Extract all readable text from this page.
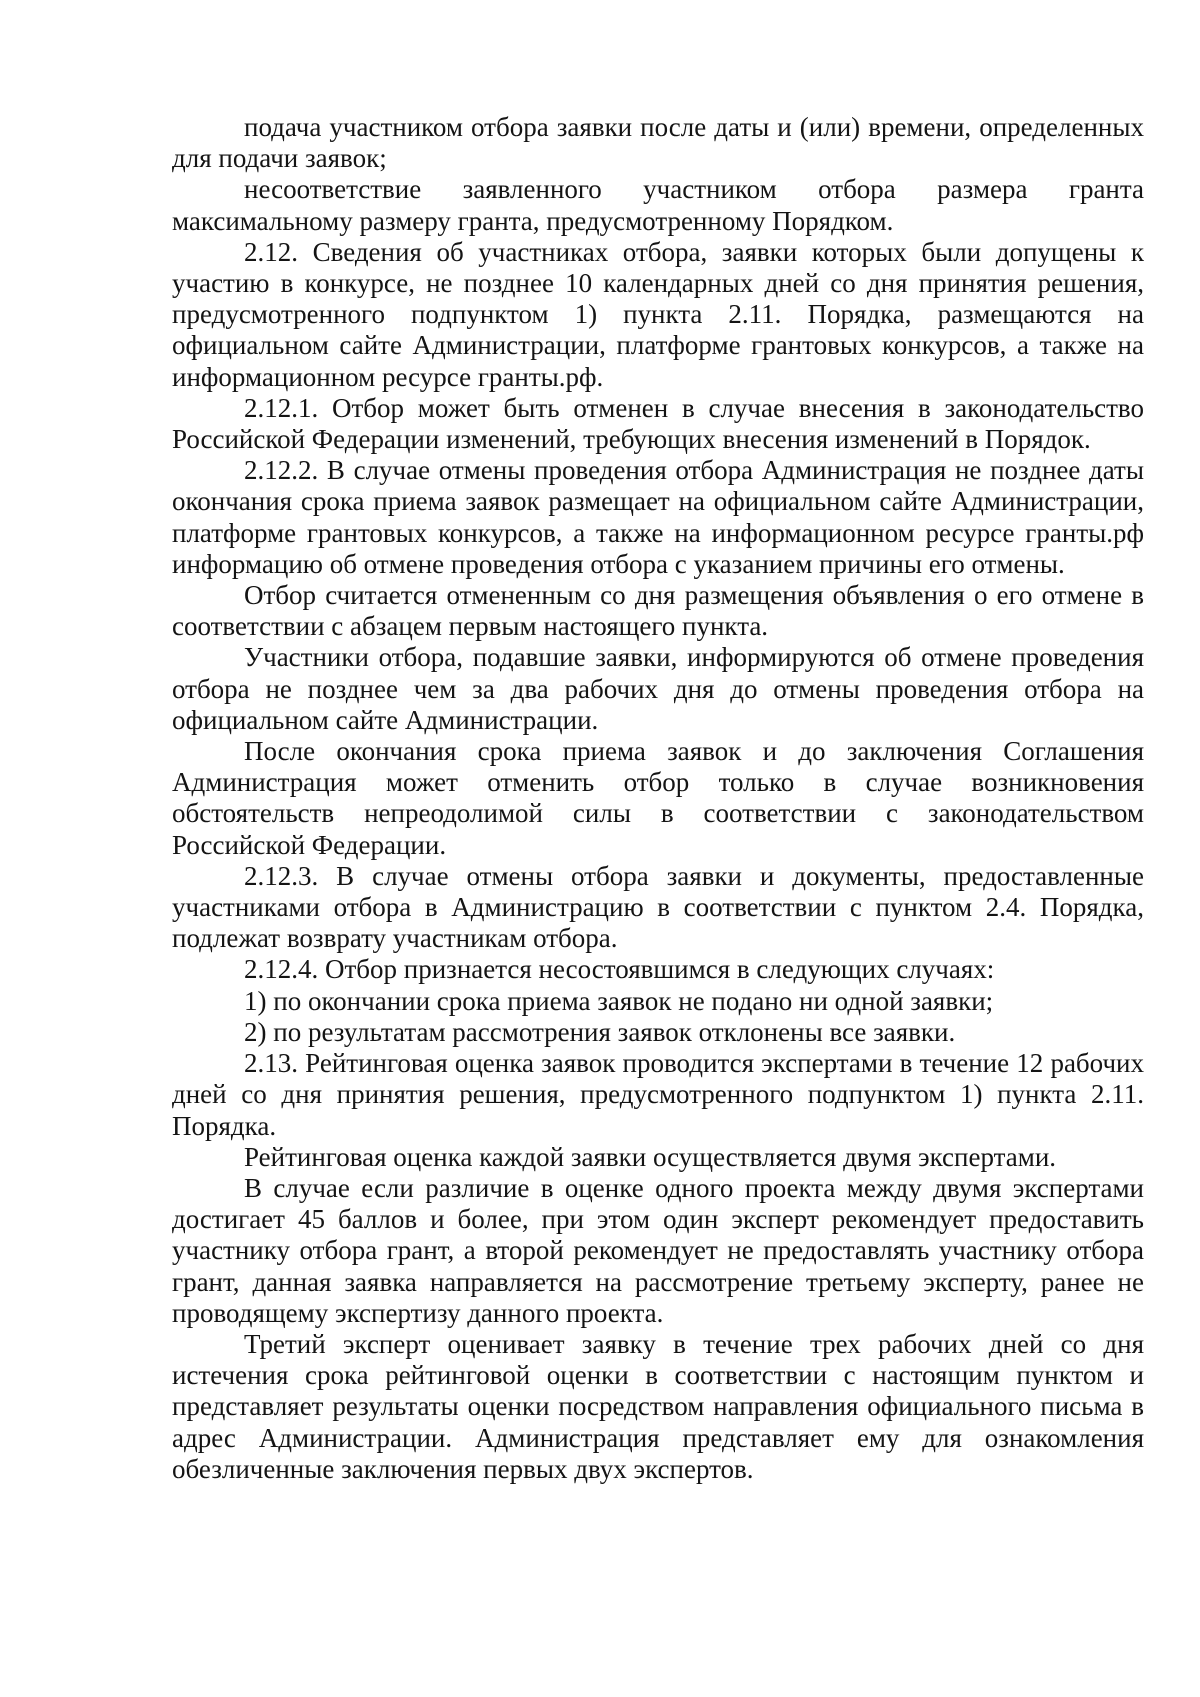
подача участником отбора заявки после даты и (или) времени, определенных для подачи заявок;

несоответствие заявленного участником отбора размера гранта максимальному размеру гранта, предусмотренному Порядком.

2.12. Сведения об участниках отбора, заявки которых были допущены к участию в конкурсе, не позднее 10 календарных дней со дня принятия решения, предусмотренного подпунктом 1) пункта 2.11. Порядка, размещаются на официальном сайте Администрации, платформе грантовых конкурсов, а также на информационном ресурсе гранты.рф.

2.12.1. Отбор может быть отменен в случае внесения в законодательство Российской Федерации изменений, требующих внесения изменений в Порядок.

2.12.2. В случае отмены проведения отбора Администрация не позднее даты окончания срока приема заявок размещает на официальном сайте Администрации, платформе грантовых конкурсов, а также на информационном ресурсе гранты.рф информацию об отмене проведения отбора с указанием причины его отмены.

Отбор считается отмененным со дня размещения объявления о его отмене в соответствии с абзацем первым настоящего пункта.

Участники отбора, подавшие заявки, информируются об отмене проведения отбора не позднее чем за два рабочих дня до отмены проведения отбора на официальном сайте Администрации.

После окончания срока приема заявок и до заключения Соглашения Администрация может отменить отбор только в случае возникновения обстоятельств непреодолимой силы в соответствии с законодательством Российской Федерации.

2.12.3. В случае отмены отбора заявки и документы, предоставленные участниками отбора в Администрацию в соответствии с пунктом 2.4. Порядка, подлежат возврату участникам отбора.

2.12.4. Отбор признается несостоявшимся в следующих случаях:

1) по окончании срока приема заявок не подано ни одной заявки;

2) по результатам рассмотрения заявок отклонены все заявки.

2.13. Рейтинговая оценка заявок проводится экспертами в течение 12 рабочих дней со дня принятия решения, предусмотренного подпунктом 1) пункта 2.11. Порядка.

Рейтинговая оценка каждой заявки осуществляется двумя экспертами.

В случае если различие в оценке одного проекта между двумя экспертами достигает 45 баллов и более, при этом один эксперт рекомендует предоставить участнику отбора грант, а второй рекомендует не предоставлять участнику отбора грант, данная заявка направляется на рассмотрение третьему эксперту, ранее не проводящему экспертизу данного проекта.

Третий эксперт оценивает заявку в течение трех рабочих дней со дня истечения срока рейтинговой оценки в соответствии с настоящим пунктом и представляет результаты оценки посредством направления официального письма в адрес Администрации. Администрация представляет ему для ознакомления обезличенные заключения первых двух экспертов.
